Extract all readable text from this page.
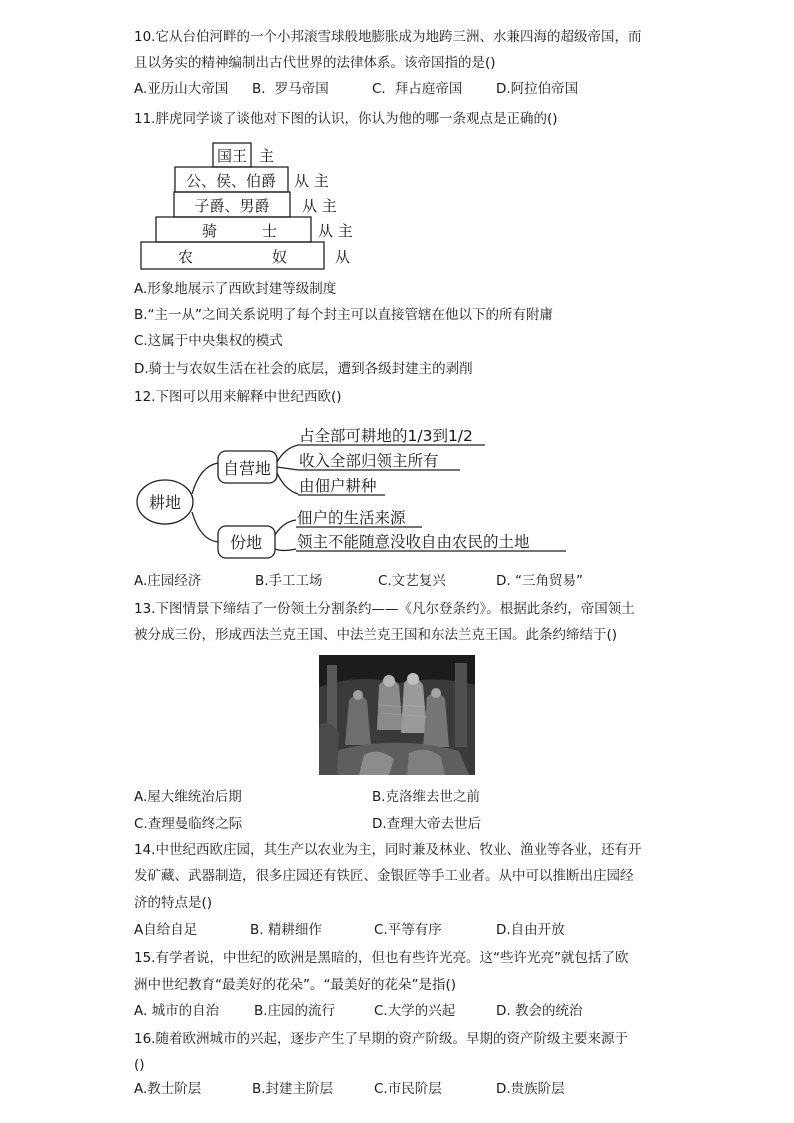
10.它从台伯河畔的一个小邦滚雪球般地膨胀成为地跨三洲、水兼四海的超级帝国，而
且以务实的精神编制出古代世界的法律体系。该帝国指的是()
A.亚历山大帝国 B．罗马帝国	C．拜占庭帝国 D.阿拉伯帝国
11.胖虎同学谈了谈他对下图的认识，你认为他的哪一条观点是正确的()
国王 主
公、侯、伯爵 从 主
子爵、男爵 从 主
骑	士	从 主
农	奴	从
A.形象地展示了西欧封建等级制度
B.“主一从”之间关系说明了每个封主可以直接管辖在他以下的所有附庸
C.这属于中央集权的模式
D.骑士与农奴生活在社会的底层，遭到各级封建主的剥削
12.下图可以用来解释中世纪西欧()
耕地
自营地
份地
占全部可耕地的1/3到1/2
收入全部归领主所有
由佃户耕种
佃户的生活来源
领主不能随意没收自由农民的土地
A.庄园经济	B.手工工场	C.文艺复兴	D. “三角贸易”
13.下图情景下缔结了一份领土分割条约——《凡尔登条约》。根据此条约，帝国领土
被分成三份，形成西法兰克王国、中法兰克王国和东法兰克王国。此条约缔结于()
A.屋大维统治后期	B.克洛维去世之前
C.查理曼临终之际	D.查理大帝去世后
14.中世纪西欧庄园，其生产以农业为主，同时兼及林业、牧业、渔业等各业，还有开
发矿藏、武器制造，很多庄园还有铁匠、金银匠等手工业者。从中可以推断出庄园经
济的特点是()
A自给自足	B. 精耕细作	C.平等有序	D.自由开放
15.有学者说，中世纪的欧洲是黑暗的，但也有些许光亮。这“些许光亮”就包括了欧
洲中世纪教育“最美好的花朵”。“最美好的花朵”是指()
A. 城市的自治	B.庄园的流行	C.大学的兴起	D. 教会的统治
16.随着欧洲城市的兴起，逐步产生了早期的资产阶级。早期的资产阶级主要来源于
()
A.教士阶层	B.封建主阶层	C.市民阶层	D.贵族阶层
